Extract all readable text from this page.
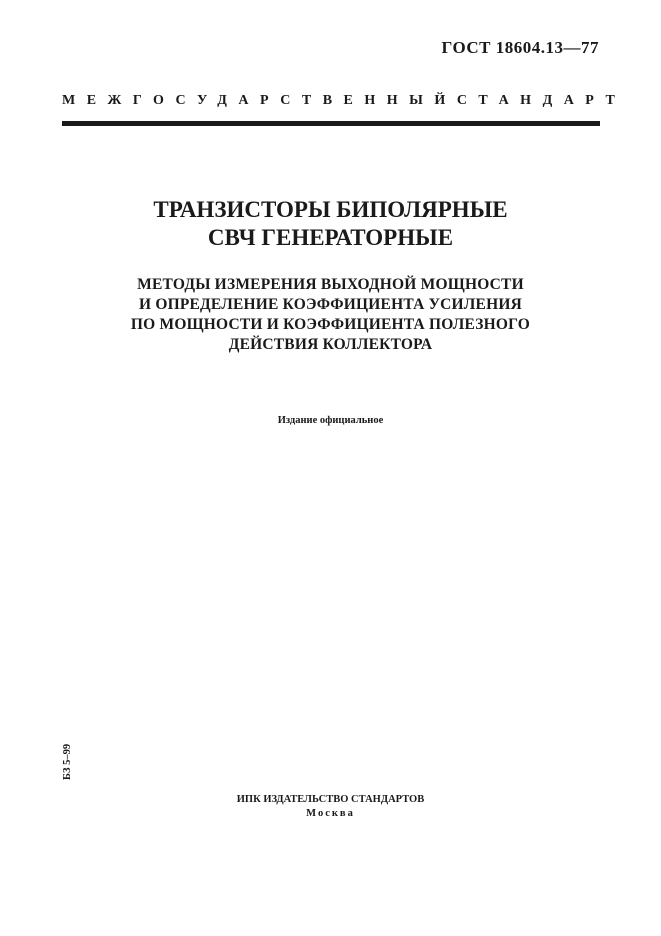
ГОСТ 18604.13—77
МЕЖГОСУДАРСТВЕННЫЙ СТАНДАРТ
ТРАНЗИСТОРЫ БИПОЛЯРНЫЕ
СВЧ ГЕНЕРАТОРНЫЕ
МЕТОДЫ ИЗМЕРЕНИЯ ВЫХОДНОЙ МОЩНОСТИ
И ОПРЕДЕЛЕНИЕ КОЭФФИЦИЕНТА УСИЛЕНИЯ
ПО МОЩНОСТИ И КОЭФФИЦИЕНТА ПОЛЕЗНОГО
ДЕЙСТВИЯ КОЛЛЕКТОРА
Издание официальное
БЗ 5–99
ИПК ИЗДАТЕЛЬСТВО СТАНДАРТОВ
Москва
